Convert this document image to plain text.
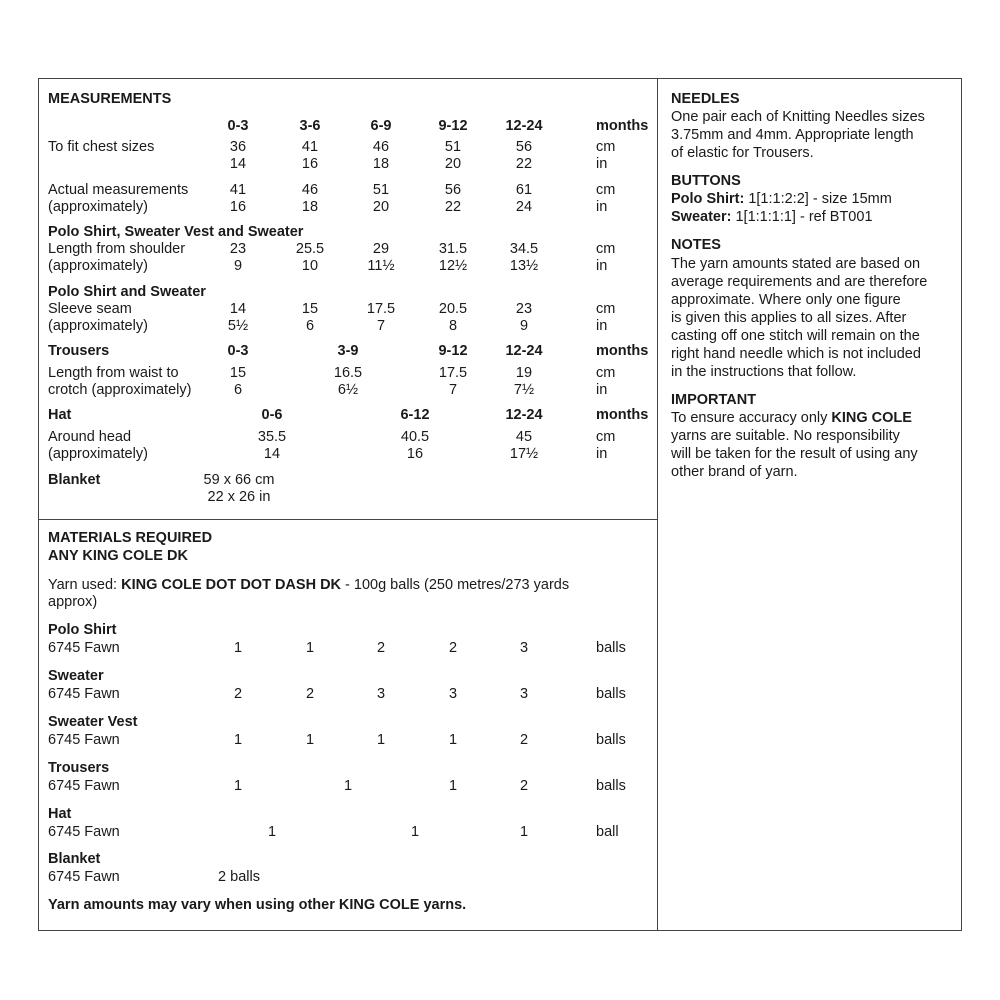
MEASUREMENTS
0-3	3-6	6-9	9-12	12-24	months
To fit chest sizes	36	41	46	51	56	cm
14	16	18	20	22	in
Actual measurements
(approximately)
41	46	51	56	61	cm
16	18	20	22	24	in
Polo Shirt, Sweater Vest and Sweater
Length from shoulder
(approximately)
23	25.5	29	31.5	34.5	cm
9	10	11½	12½	13½	in
Polo Shirt and Sweater
Sleeve seam
(approximately)
14	15	17.5	20.5	23	cm
5½	6	7	8	9	in
Trousers	0-3	3-9	9-12	12-24	months
Length from waist to
crotch (approximately)
15	16.5	17.5	19	cm
6	6½	7	7½	in
Hat	0-6	6-12	12-24	months
Around head
(approximately)
35.5	40.5	45	cm
14	16	17½	in
Blanket	59 x 66 cm
22 x 26 in
MATERIALS REQUIRED
ANY KING COLE DK
Yarn used: KING COLE DOT DOT DASH DK - 100g balls (250 metres/273 yards
approx)
Polo Shirt
6745 Fawn	1	1	2	2	3	balls
Sweater
6745 Fawn	2	2	3	3	3	balls
Sweater Vest
6745 Fawn	1	1	1	1	2	balls
Trousers
6745 Fawn	1	1	1	2	balls
Hat
6745 Fawn	1	1	1	ball
Blanket
6745 Fawn	2 balls
Yarn amounts may vary when using other KING COLE yarns.
NEEDLES
One pair each of Knitting Needles sizes
3.75mm and 4mm. Appropriate length
of elastic for Trousers.
BUTTONS
Polo Shirt: 1[1:1:2:2] - size 15mm
Sweater: 1[1:1:1:1] - ref BT001
NOTES
The yarn amounts stated are based on
average requirements and are therefore
approximate. Where only one figure
is given this applies to all sizes. After
casting off one stitch will remain on the
right hand needle which is not included
in the instructions that follow.
IMPORTANT
To ensure accuracy only KING COLE
yarns are suitable. No responsibility
will be taken for the result of using any
other brand of yarn.
